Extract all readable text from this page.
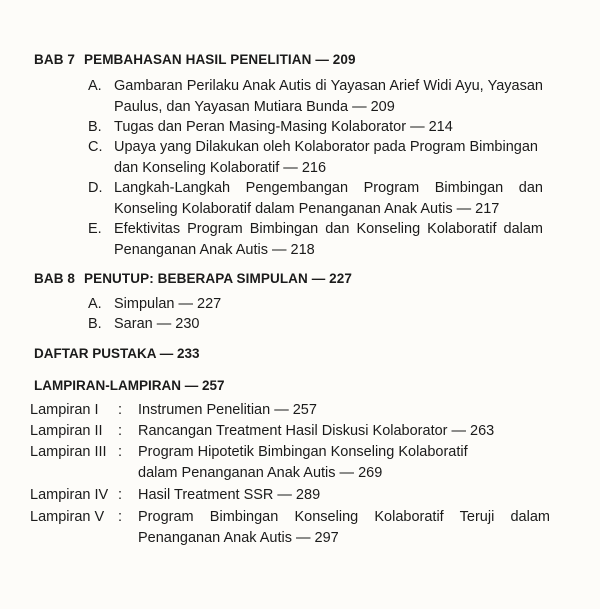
BAB 7 PEMBAHASAN HASIL PENELITIAN — 209
A. Gambaran Perilaku Anak Autis di Yayasan Arief Widi Ayu, Yayasan
Paulus, dan Yayasan Mutiara Bunda — 209
B. Tugas dan Peran Masing-Masing Kolaborator — 214
C. Upaya yang Dilakukan oleh Kolaborator pada Program Bimbingan
dan Konseling Kolaboratif — 216
D. Langkah-Langkah Pengembangan Program Bimbingan dan
Konseling Kolaboratif dalam Penanganan Anak Autis — 217
E. Efektivitas Program Bimbingan dan Konseling Kolaboratif dalam
Penanganan Anak Autis — 218
BAB 8 PENUTUP: BEBERAPA SIMPULAN — 227
A. Simpulan — 227
B. Saran — 230
DAFTAR PUSTAKA — 233
LAMPIRAN-LAMPIRAN — 257
Lampiran I	:	Instrumen Penelitian — 257
Lampiran II	:	Rancangan Treatment Hasil Diskusi Kolaborator — 263
Lampiran III :	Program Hipotetik Bimbingan Konseling Kolaboratif
dalam Penanganan Anak Autis — 269
Lampiran IV :	Hasil Treatment SSR — 289
Lampiran V :	Program Bimbingan Konseling Kolaboratif Teruji dalam
Penanganan Anak Autis — 297
